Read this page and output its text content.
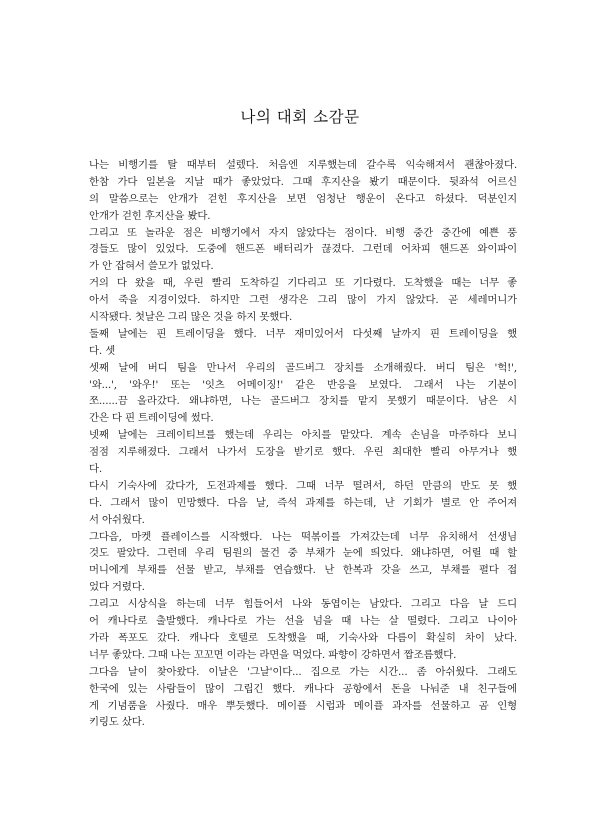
나의 대회 소감문
나는 비행기를 탈 때부터 설렜다. 처음엔 지루했는데 갈수록 익숙해져서 괜찮아졌다.
한참 가다 일본을 지날 때가 좋았었다. 그때 후지산을 봤기 때문이다. 뒷좌석 어르신
의 말씀으로는 안개가 걷힌 후지산을 보면 엄청난 행운이 온다고 하셨다. 덕분인지
안개가 걷힌 후지산을 봤다.
그리고 또 놀라운 점은 비행기에서 자지 않았다는 점이다. 비행 중간 중간에 예쁜 풍
경들도 많이 있었다. 도중에 핸드폰 배터리가 끊겼다. 그런데 어차피 핸드폰 와이파이
가 안 잡혀서 쓸모가 없었다.
거의 다 왔을 때, 우린 빨리 도착하길 기다리고 또 기다렸다. 도착했을 때는 너무 좋
아서 죽을 지경이었다. 하지만 그런 생각은 그리 많이 가지 않았다. 곧 세레머니가
시작됐다. 첫날은 그리 많은 것을 하지 못했다.
둘째 날에는 핀 트레이딩을 했다. 너무 재미있어서 다섯째 날까지 핀 트레이딩을 했
다. 셋
셋째 날에 버디 팀을 만나서 우리의 골드버그 장치를 소개해줬다. 버디 팀은 '헉!',
'와...', '와우!' 또는 '잇츠 어메이징!' 같은 반응을 보였다. 그래서 나는 기분이
쪼......끔 올라갔다. 왜냐하면, 나는 골드버그 장치를 맡지 못했기 때문이다. 남은 시
간은 다 핀 트레이딩에 썼다.
넷째 날에는 크레이티브를 했는데 우리는 아치를 맡았다. 계속 손님을 마주하다 보니
점점 지루해졌다. 그래서 나가서 도장을 받기로 했다. 우린 최대한 빨리 아무거나 했
다.
다시 기숙사에 갔다가, 도전과제를 했다. 그때 너무 떨려서, 하던 만큼의 반도 못 했
다. 그래서 많이 민망했다. 다음 날, 즉석 과제를 하는데, 난 기회가 별로 안 주어져
서 아쉬웠다.
그다음, 마켓 플레이스를 시작했다. 나는 떡볶이를 가져갔는데 너무 유치해서 선생님
것도 팔았다. 그런데 우리 팀원의 물건 중 부채가 눈에 띄었다. 왜냐하면, 어릴 때 할
머니에게 부채를 선물 받고, 부채를 연습했다. 난 한복과 갓을 쓰고, 부채를 펼다 접
었다 거렸다.
그리고 시상식을 하는데 너무 힘들어서 나와 동엽이는 남았다. 그리고 다음 날 드디
어 캐나다로 출발했다. 캐나다로 가는 선을 넘을 때 나는 살 떨렸다. 그리고 나이아
가라 폭포도 갔다. 캐나다 호텔로 도착했을 때, 기숙사와 다름이 확실히 차이 났다.
너무 좋았다. 그때 나는 꼬꼬면 이라는 라면을 먹었다. 파향이 강하면서 짭조름했다.
그다음 날이 찾아왔다. 이날은 '그날'이다... 집으로 가는 시간... 좀 아쉬웠다. 그래도
한국에 있는 사람들이 많이 그립긴 했다. 캐나다 공항에서 돈을 나눠준 내 친구들에
게 기념품을 사줬다. 매우 뿌듯했다. 메이플 시럽과 메이플 과자를 선물하고 곰 인형
키링도 샀다.
